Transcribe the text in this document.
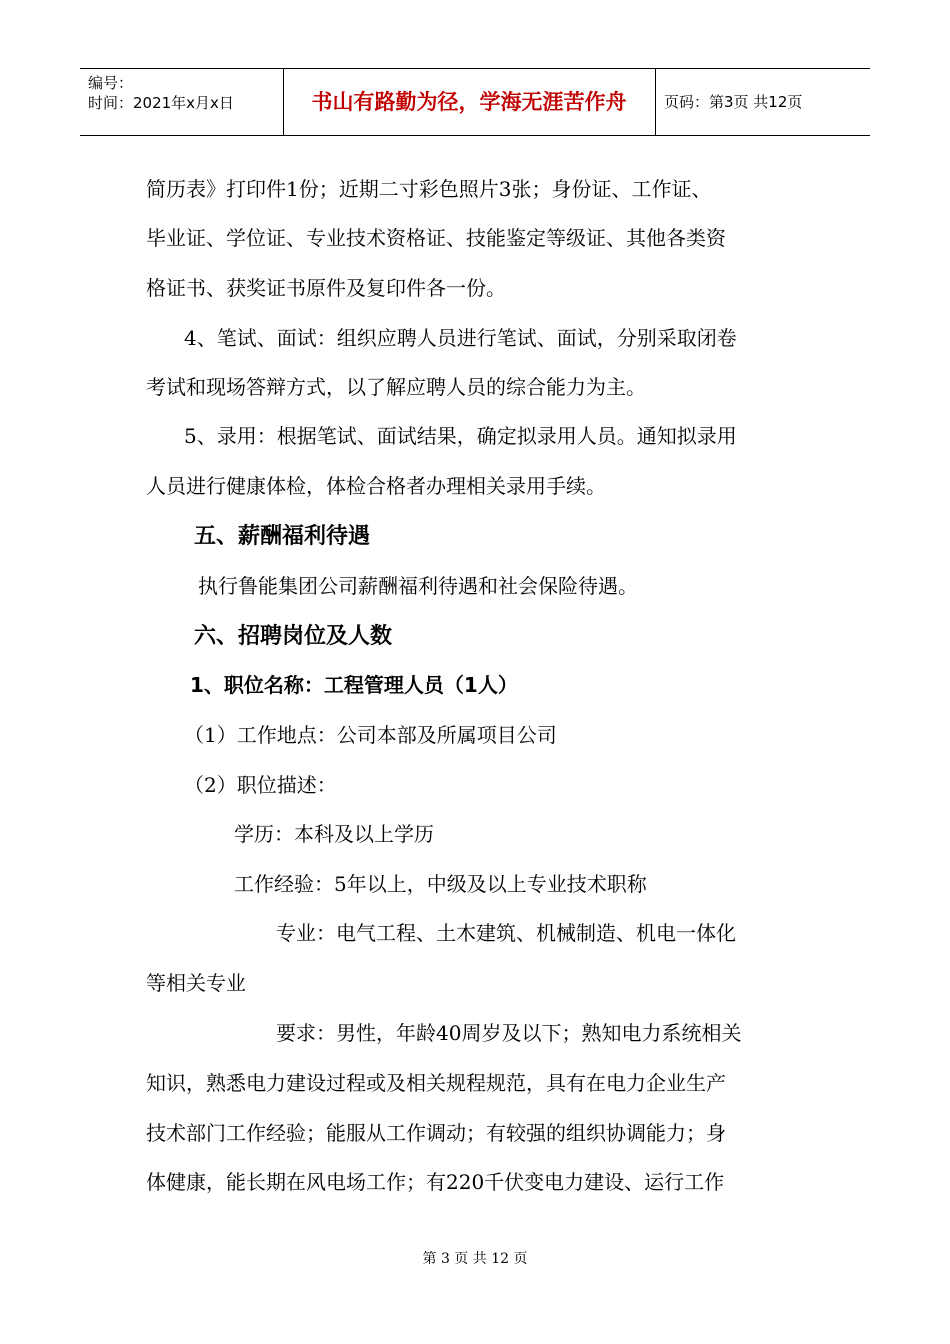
编号：
时间：2021年x月x日	书山有路勤为径，学海无涯苦作舟	页码：第3页 共12页
简历表》打印件1份；近期二寸彩色照片3张；身份证、工作证、
毕业证、学位证、专业技术资格证、技能鉴定等级证、其他各类资
格证书、获奖证书原件及复印件各一份。
4、笔试、面试：组织应聘人员进行笔试、面试，分别采取闭卷
考试和现场答辩方式，以了解应聘人员的综合能力为主。
5、录用：根据笔试、面试结果，确定拟录用人员。通知拟录用
人员进行健康体检，体检合格者办理相关录用手续。
五、薪酬福利待遇
执行鲁能集团公司薪酬福利待遇和社会保险待遇。
六、招聘岗位及人数
1、职位名称：工程管理人员（1人）
（1）工作地点：公司本部及所属项目公司
（2）职位描述：
学历：本科及以上学历
工作经验：5年以上，中级及以上专业技术职称
专业：电气工程、土木建筑、机械制造、机电一体化
等相关专业
要求：男性，年龄40周岁及以下；熟知电力系统相关
知识，熟悉电力建设过程或及相关规程规范，具有在电力企业生产
技术部门工作经验；能服从工作调动；有较强的组织协调能力；身
体健康，能长期在风电场工作；有220千伏变电力建设、运行工作
第 3 页 共 12 页
